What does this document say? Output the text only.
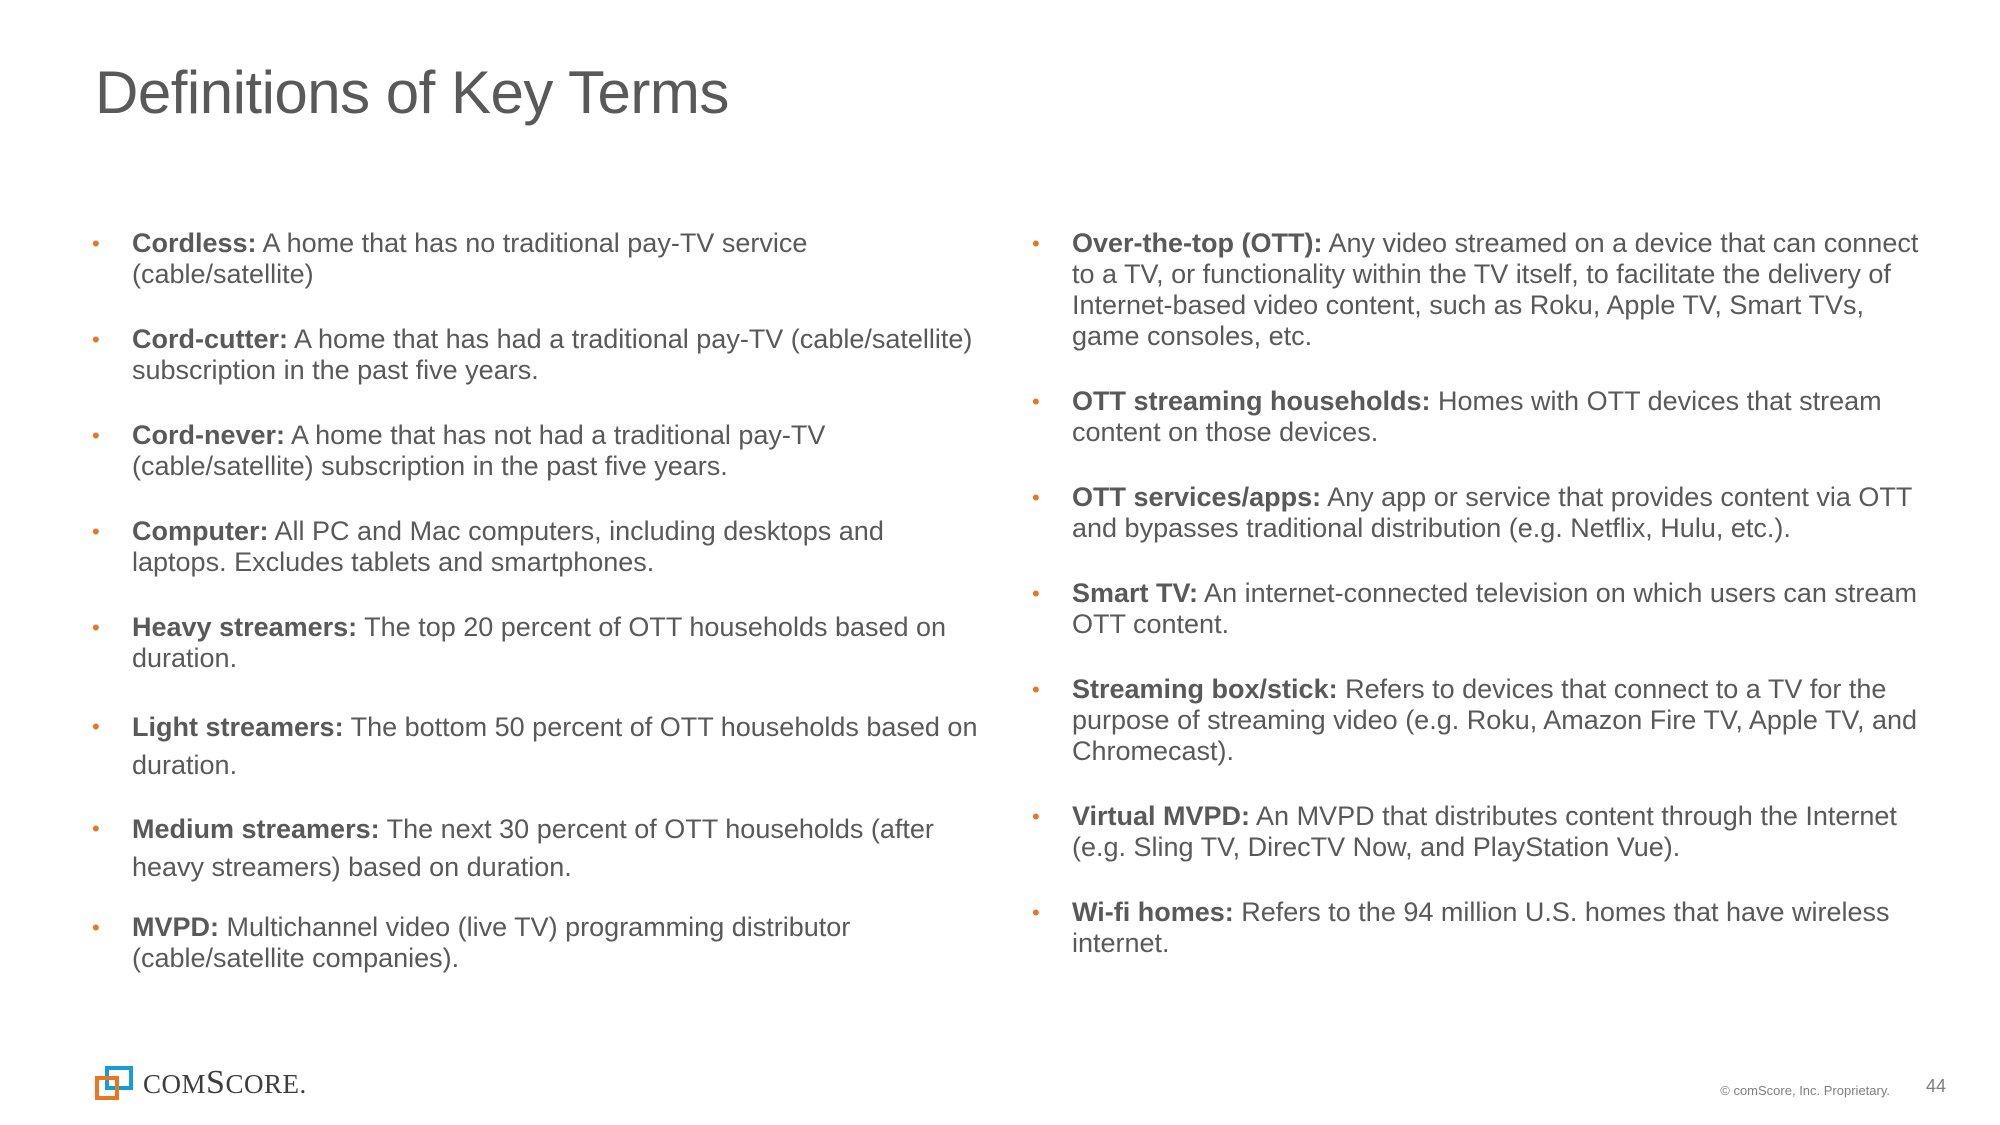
Definitions of Key Terms
• Cordless: A home that has no traditional pay-TV service (cable/satellite)
• Cord-cutter: A home that has had a traditional pay-TV (cable/satellite) subscription in the past five years.
• Cord-never: A home that has not had a traditional pay-TV (cable/satellite) subscription in the past five years.
• Computer: All PC and Mac computers, including desktops and laptops. Excludes tablets and smartphones.
• Heavy streamers: The top 20 percent of OTT households based on duration.
• Light streamers: The bottom 50 percent of OTT households based on duration.
• Medium streamers: The next 30 percent of OTT households (after heavy streamers) based on duration.
• MVPD: Multichannel video (live TV) programming distributor (cable/satellite companies).
• Over-the-top (OTT): Any video streamed on a device that can connect to a TV, or functionality within the TV itself, to facilitate the delivery of Internet-based video content, such as Roku, Apple TV, Smart TVs, game consoles, etc.
• OTT streaming households: Homes with OTT devices that stream content on those devices.
• OTT services/apps: Any app or service that provides content via OTT and bypasses traditional distribution (e.g. Netflix, Hulu, etc.).
• Smart TV: An internet-connected television on which users can stream OTT content.
• Streaming box/stick: Refers to devices that connect to a TV for the purpose of streaming video (e.g. Roku, Amazon Fire TV, Apple TV, and Chromecast).
• Virtual MVPD: An MVPD that distributes content through the Internet (e.g. Sling TV, DirecTV Now, and PlayStation Vue).
• Wi-fi homes: Refers to the 94 million U.S. homes that have wireless internet.
COMSCORE.	© comScore, Inc. Proprietary. 44
